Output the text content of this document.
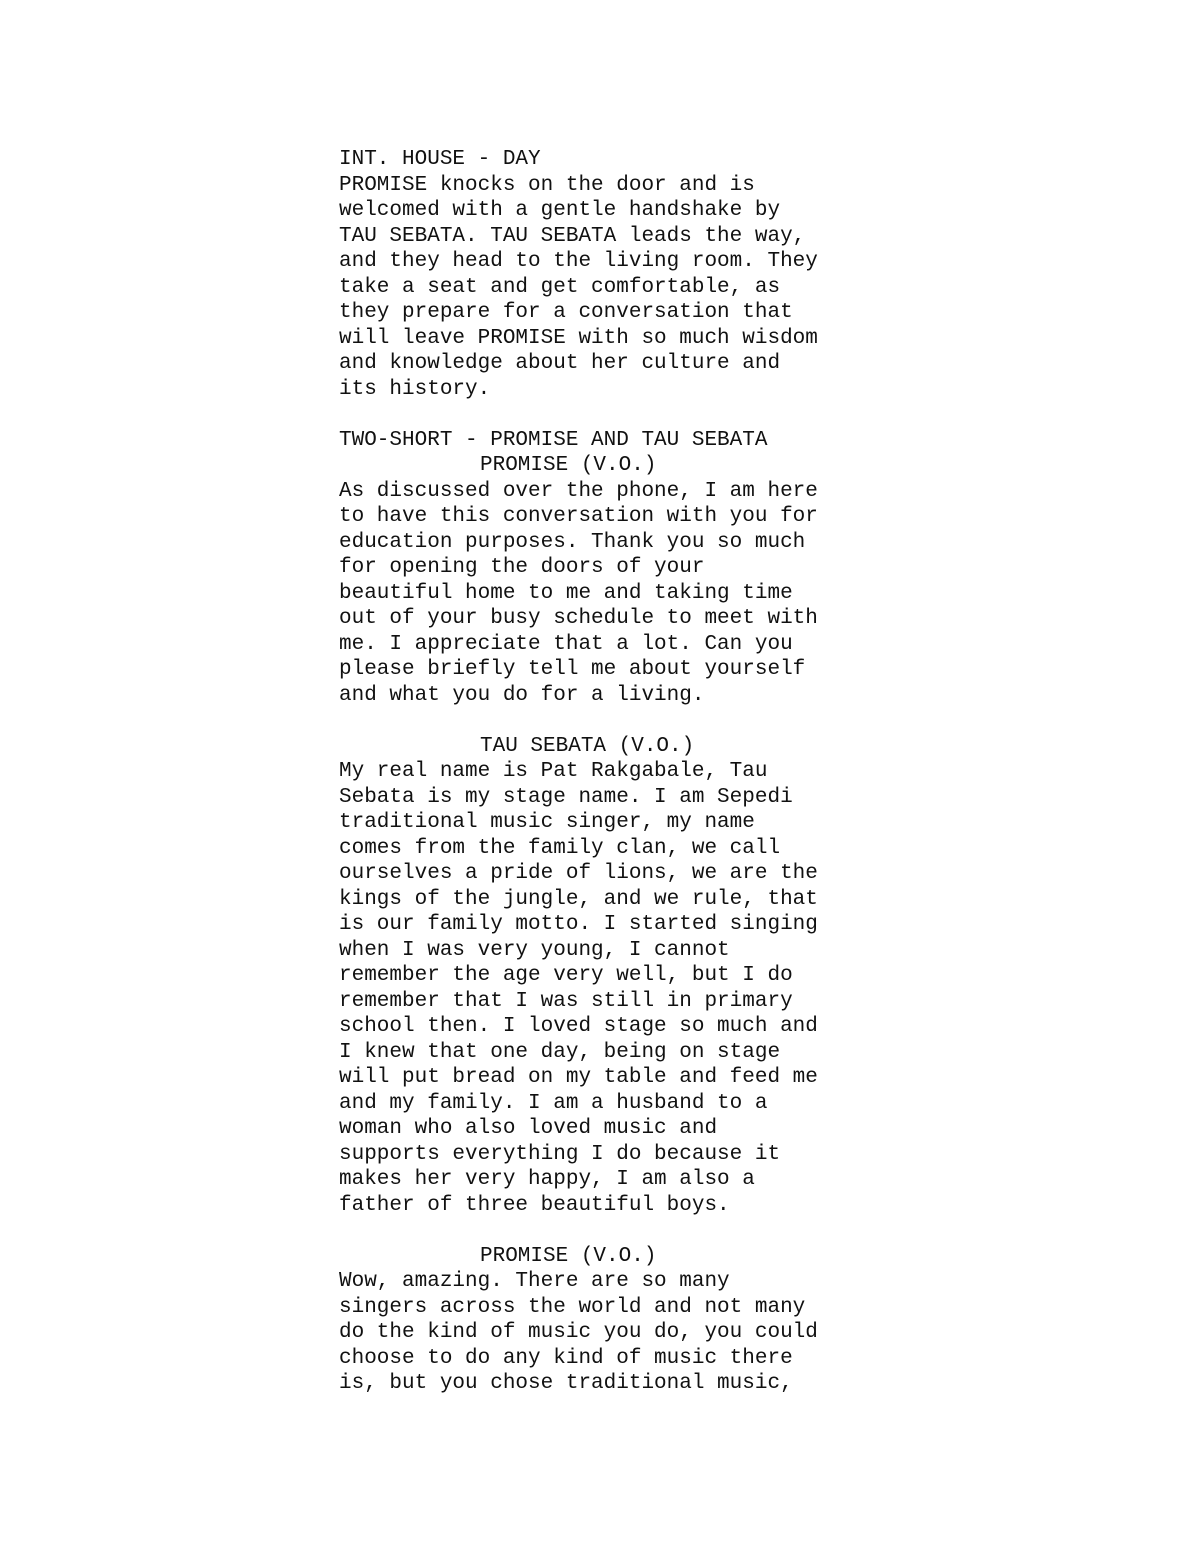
INT. HOUSE - DAY

PROMISE knocks on the door and is
welcomed with a gentle handshake by
TAU SEBATA. TAU SEBATA leads the way,
and they head to the living room. They
take a seat and get comfortable, as
they prepare for a conversation that
will leave PROMISE with so much wisdom
and knowledge about her culture and
its history.

TWO-SHORT - PROMISE AND TAU SEBATA

PROMISE (V.O.)

As discussed over the phone, I am here
to have this conversation with you for
education purposes. Thank you so much
for opening the doors of your
beautiful home to me and taking time
out of your busy schedule to meet with
me. I appreciate that a lot. Can you
please briefly tell me about yourself
and what you do for a living.

TAU SEBATA (V.O.)

My real name is Pat Rakgabale, Tau
Sebata is my stage name. I am Sepedi
traditional music singer, my name
comes from the family clan, we call
ourselves a pride of lions, we are the
kings of the jungle, and we rule, that
is our family motto. I started singing
when I was very young, I cannot
remember the age very well, but I do
remember that I was still in primary
school then. I loved stage so much and
I knew that one day, being on stage
will put bread on my table and feed me
and my family. I am a husband to a
woman who also loved music and
supports everything I do because it
makes her very happy, I am also a
father of three beautiful boys.

PROMISE (V.O.)

Wow, amazing. There are so many
singers across the world and not many
do the kind of music you do, you could
choose to do any kind of music there
is, but you chose traditional music,
